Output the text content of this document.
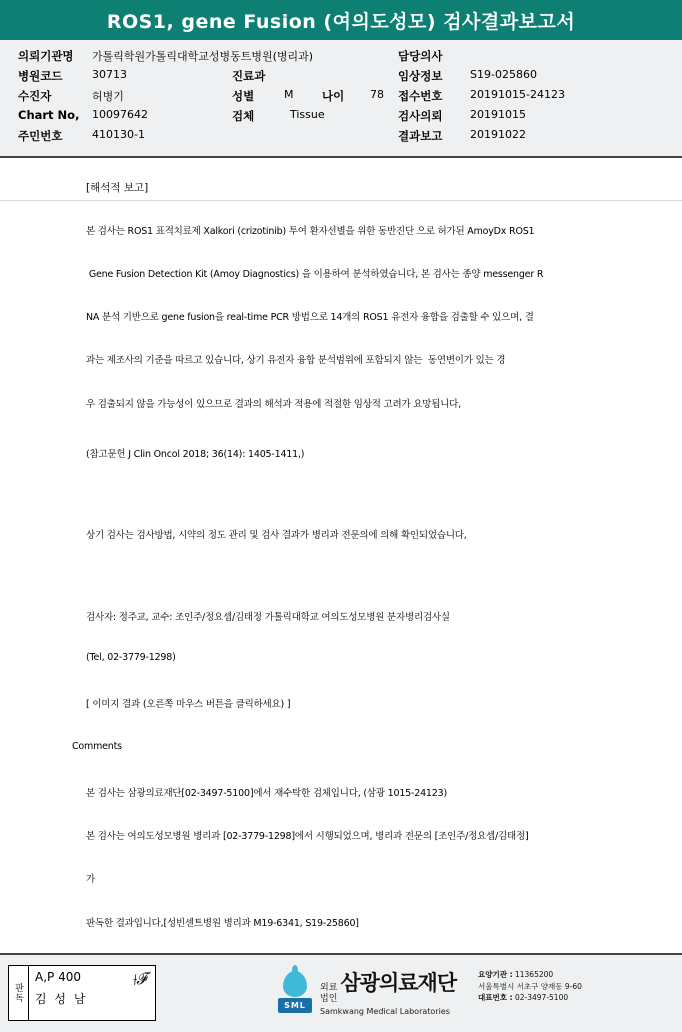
ROS1, gene Fusion (여의도성모) 검사결과보고서
의뢰기관명 가톨릭학원가톨릭대학교성병동트병원(병리과)
병원코드	30713
수진자	허병기
Chart No, 10097642
주민번호	410130-1
진료과
성별	M 나이 78
검체	Tissue
담당의사
임상정보	S19-025860
접수번호	20191015-24123
검사의뢰	20191015
결과보고	20191022
[해석적 보고]
본 검사는 ROS1 표적치료제 Xalkori (crizotinib) 투여 환자선별을 위한 동반진단 으로 허가된 AmoyDx ROS1
Gene Fusion Detection Kit (Amoy Diagnostics) 을 이용하여 분석하였습니다, 본 검사는 종양 messenger R
NA 분석 기반으로 gene fusion을 real-time PCR 방법으로 14개의 ROS1 유전자 융합을 검출할 수 있으며, 결
과는 제조사의 기준을 따르고 있습니다, 상기 유전자 융합 분석범위에 포함되지 않는  동연변이가 있는 경
우 검출되지 않을 가능성이 있으므로 결과의 해석과 적용에 적절한 임상적 고려가 요망됩니다,
(참고문헌 J Clin Oncol 2018; 36(14): 1405-1411,)
상기 검사는 검사방법, 시약의 정도 관리 및 검사 결과가 병리과 전문의에 의해 확인되었습니다,
검사자: 정주교, 교수: 조인주/정요셉/김태정 가톨릭대학교 여의도성모병원 분자병리검사실
(Tel, 02-3779-1298)
[ 이미지 결과 (오른쪽 마우스 버튼을 클릭하세요) ]
Comments
본 검사는 삼광의료재단[02-3497-5100]에서 재수탁한 검체입니다, (삼광 1015-24123)
본 검사는 여의도성모병원 병리과 [02-3779-1298]에서 시행되었으며, 병리과 전문의 [조인주/정요셉/김태정]
가
판독한 결과입니다,[성빈센트병원 병리과 M19-6341, S19-25860]
판독
A,P 400
김 성 남
⟊𝓕
SML
외료
법인
삼광의료재단
Samkwang Medical Laboratories
요양기관 : 11365200
서울특별시 서초구 양재동 9-60
대표번호 : 02-3497-5100
